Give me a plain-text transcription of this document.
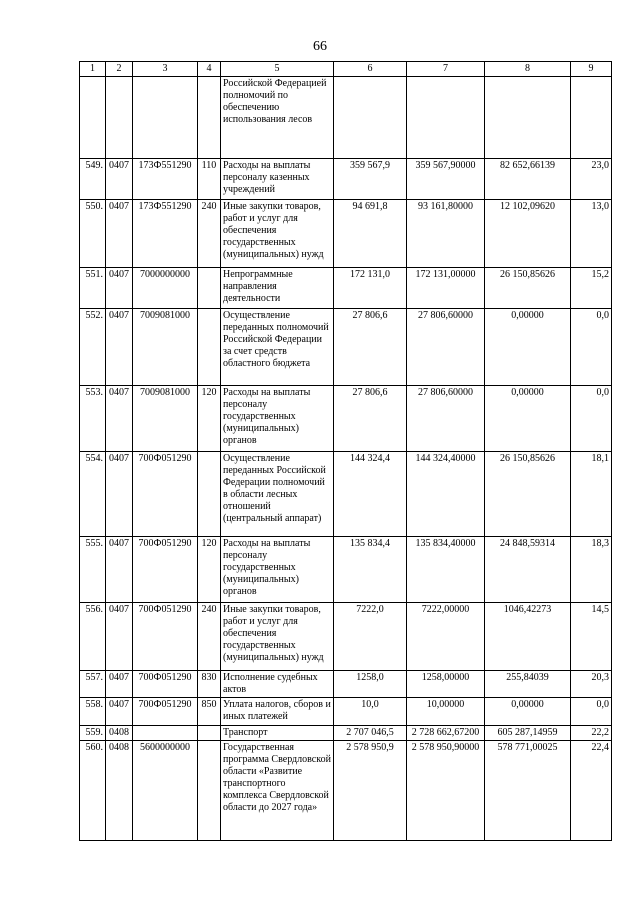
66
1	2	3	4	5	6	7	8	9
				Российской Федерацией полномочий по обеспечению использования лесов				
549.	0407	173Ф551290	110	Расходы на выплаты персоналу казенных учреждений	359 567,9	359 567,90000	82 652,66139	23,0
550.	0407	173Ф551290	240	Иные закупки товаров, работ и услуг для обеспечения государственных (муниципальных) нужд	94 691,8	93 161,80000	12 102,09620	13,0
551.	0407	7000000000		Непрограммные направления деятельности	172 131,0	172 131,00000	26 150,85626	15,2
552.	0407	7009081000		Осуществление переданных полномочий Российской Федерации за счет средств областного бюджета	27 806,6	27 806,60000	0,00000	0,0
553.	0407	7009081000	120	Расходы на выплаты персоналу государственных (муниципальных) органов	27 806,6	27 806,60000	0,00000	0,0
554.	0407	700Ф051290		Осуществление переданных Российской Федерации полномочий в области лесных отношений (центральный аппарат)	144 324,4	144 324,40000	26 150,85626	18,1
555.	0407	700Ф051290	120	Расходы на выплаты персоналу государственных (муниципальных) органов	135 834,4	135 834,40000	24 848,59314	18,3
556.	0407	700Ф051290	240	Иные закупки товаров, работ и услуг для обеспечения государственных (муниципальных) нужд	7222,0	7222,00000	1046,42273	14,5
557.	0407	700Ф051290	830	Исполнение судебных актов	1258,0	1258,00000	255,84039	20,3
558.	0407	700Ф051290	850	Уплата налогов, сборов и иных платежей	10,0	10,00000	0,00000	0,0
559.	0408			Транспорт	2 707 046,5	2 728 662,67200	605 287,14959	22,2
560.	0408	5600000000		Государственная программа Свердловской области «Развитие транспортного комплекса Свердловской области до 2027 года»	2 578 950,9	2 578 950,90000	578 771,00025	22,4
